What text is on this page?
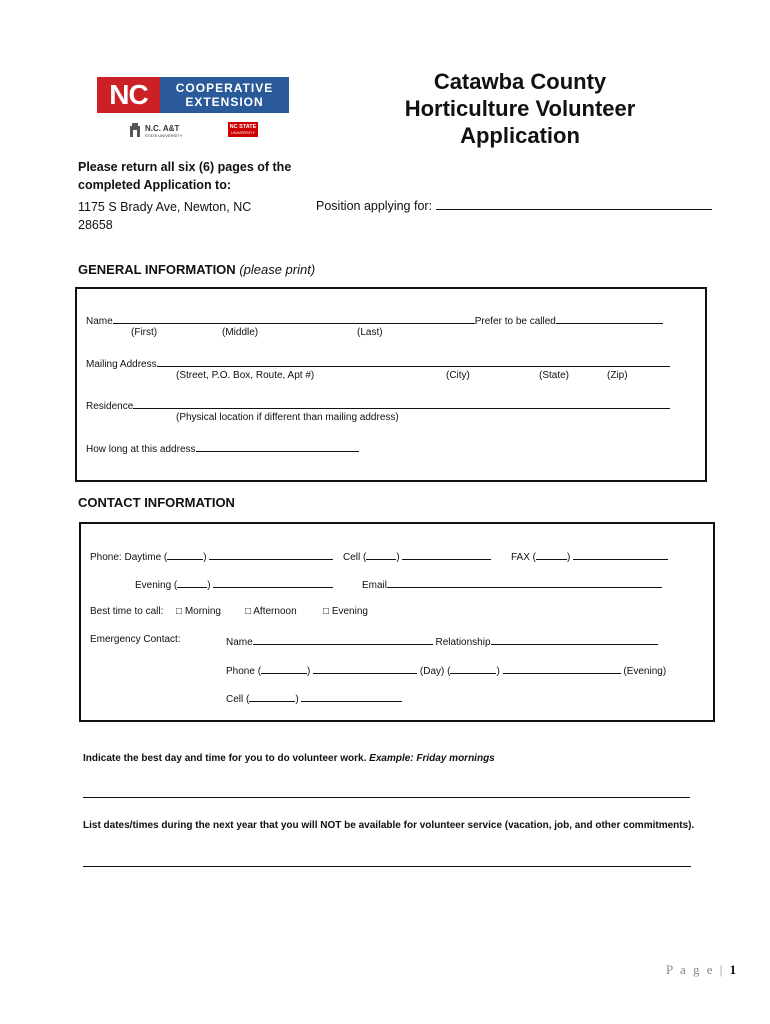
NC	COOPERATIVE
EXTENSION
N.C. A&T
STATE UNIVERSITY
NC STATE
UNIVERSITY
Catawba County
Horticulture Volunteer
Application
Please return all six (6) pages of the completed Application to:
1175 S Brady Ave, Newton, NC
28658
Position applying for:
GENERAL INFORMATION (please print)
Name	Prefer to be called
(First)	(Middle)	(Last)
Mailing Address
(Street, P.O. Box, Route, Apt #)	(City)	(State)	(Zip)
Residence
(Physical location if different than mailing address)
How long at this address
CONTACT INFORMATION
Phone: Daytime (	)	Cell (	)	FAX (	)
Evening (	)	Email
Best time to call: □ Morning □ Afternoon	□ Evening
Emergency Contact:	Name	Relationship
Phone (	)	(Day) (	)	(Evening)
Cell (	)
Indicate the best day and time for you to do volunteer work. Example: Friday mornings
List dates/times during the next year that you will NOT be available for volunteer service (vacation, job, and other commitments).
P a g e | 1
